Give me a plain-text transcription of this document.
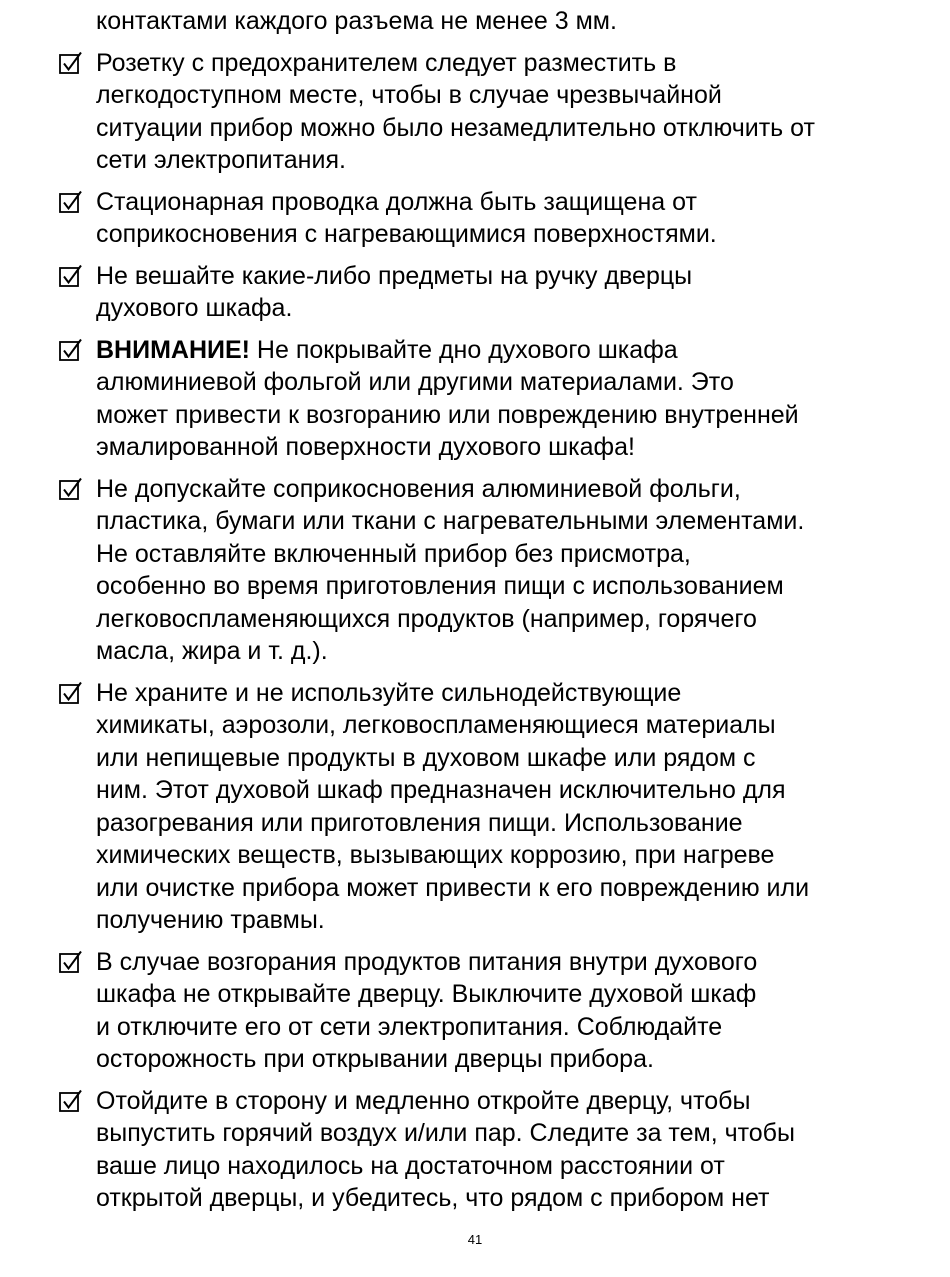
контактами каждого разъема не менее 3 мм.
Розетку с предохранителем следует разместить в
легкодоступном месте, чтобы в случае чрезвычайной
ситуации прибор можно было незамедлительно отключить от
сети электропитания.
Стационарная проводка должна быть защищена от
соприкосновения с нагревающимися поверхностями.
Не вешайте какие-либо предметы на ручку дверцы
духового шкафа.
ВНИМАНИЕ! Не покрывайте дно духового шкафа
алюминиевой фольгой или другими материалами. Это
может привести к возгоранию или повреждению внутренней
эмалированной поверхности духового шкафа!
Не допускайте соприкосновения алюминиевой фольги,
пластика, бумаги или ткани с нагревательными элементами.
Не оставляйте включенный прибор без присмотра,
особенно во время приготовления пищи с использованием
легковоспламеняющихся продуктов (например, горячего
масла, жира и т. д.).
Не храните и не используйте сильнодействующие
химикаты, аэрозоли, легковоспламеняющиеся материалы
или непищевые продукты в духовом шкафе или рядом с
ним. Этот духовой шкаф предназначен исключительно для
разогревания или приготовления пищи. Использование
химических веществ, вызывающих коррозию, при нагреве
или очистке прибора может привести к его повреждению или
получению травмы.
В случае возгорания продуктов питания внутри духового
шкафа не открывайте дверцу. Выключите духовой шкаф
и отключите его от сети электропитания. Соблюдайте
осторожность при открывании дверцы прибора.
Отойдите в сторону и медленно откройте дверцу, чтобы
выпустить горячий воздух и/или пар. Следите за тем, чтобы
ваше лицо находилось на достаточном расстоянии от
открытой дверцы, и убедитесь, что рядом с прибором нет
41
